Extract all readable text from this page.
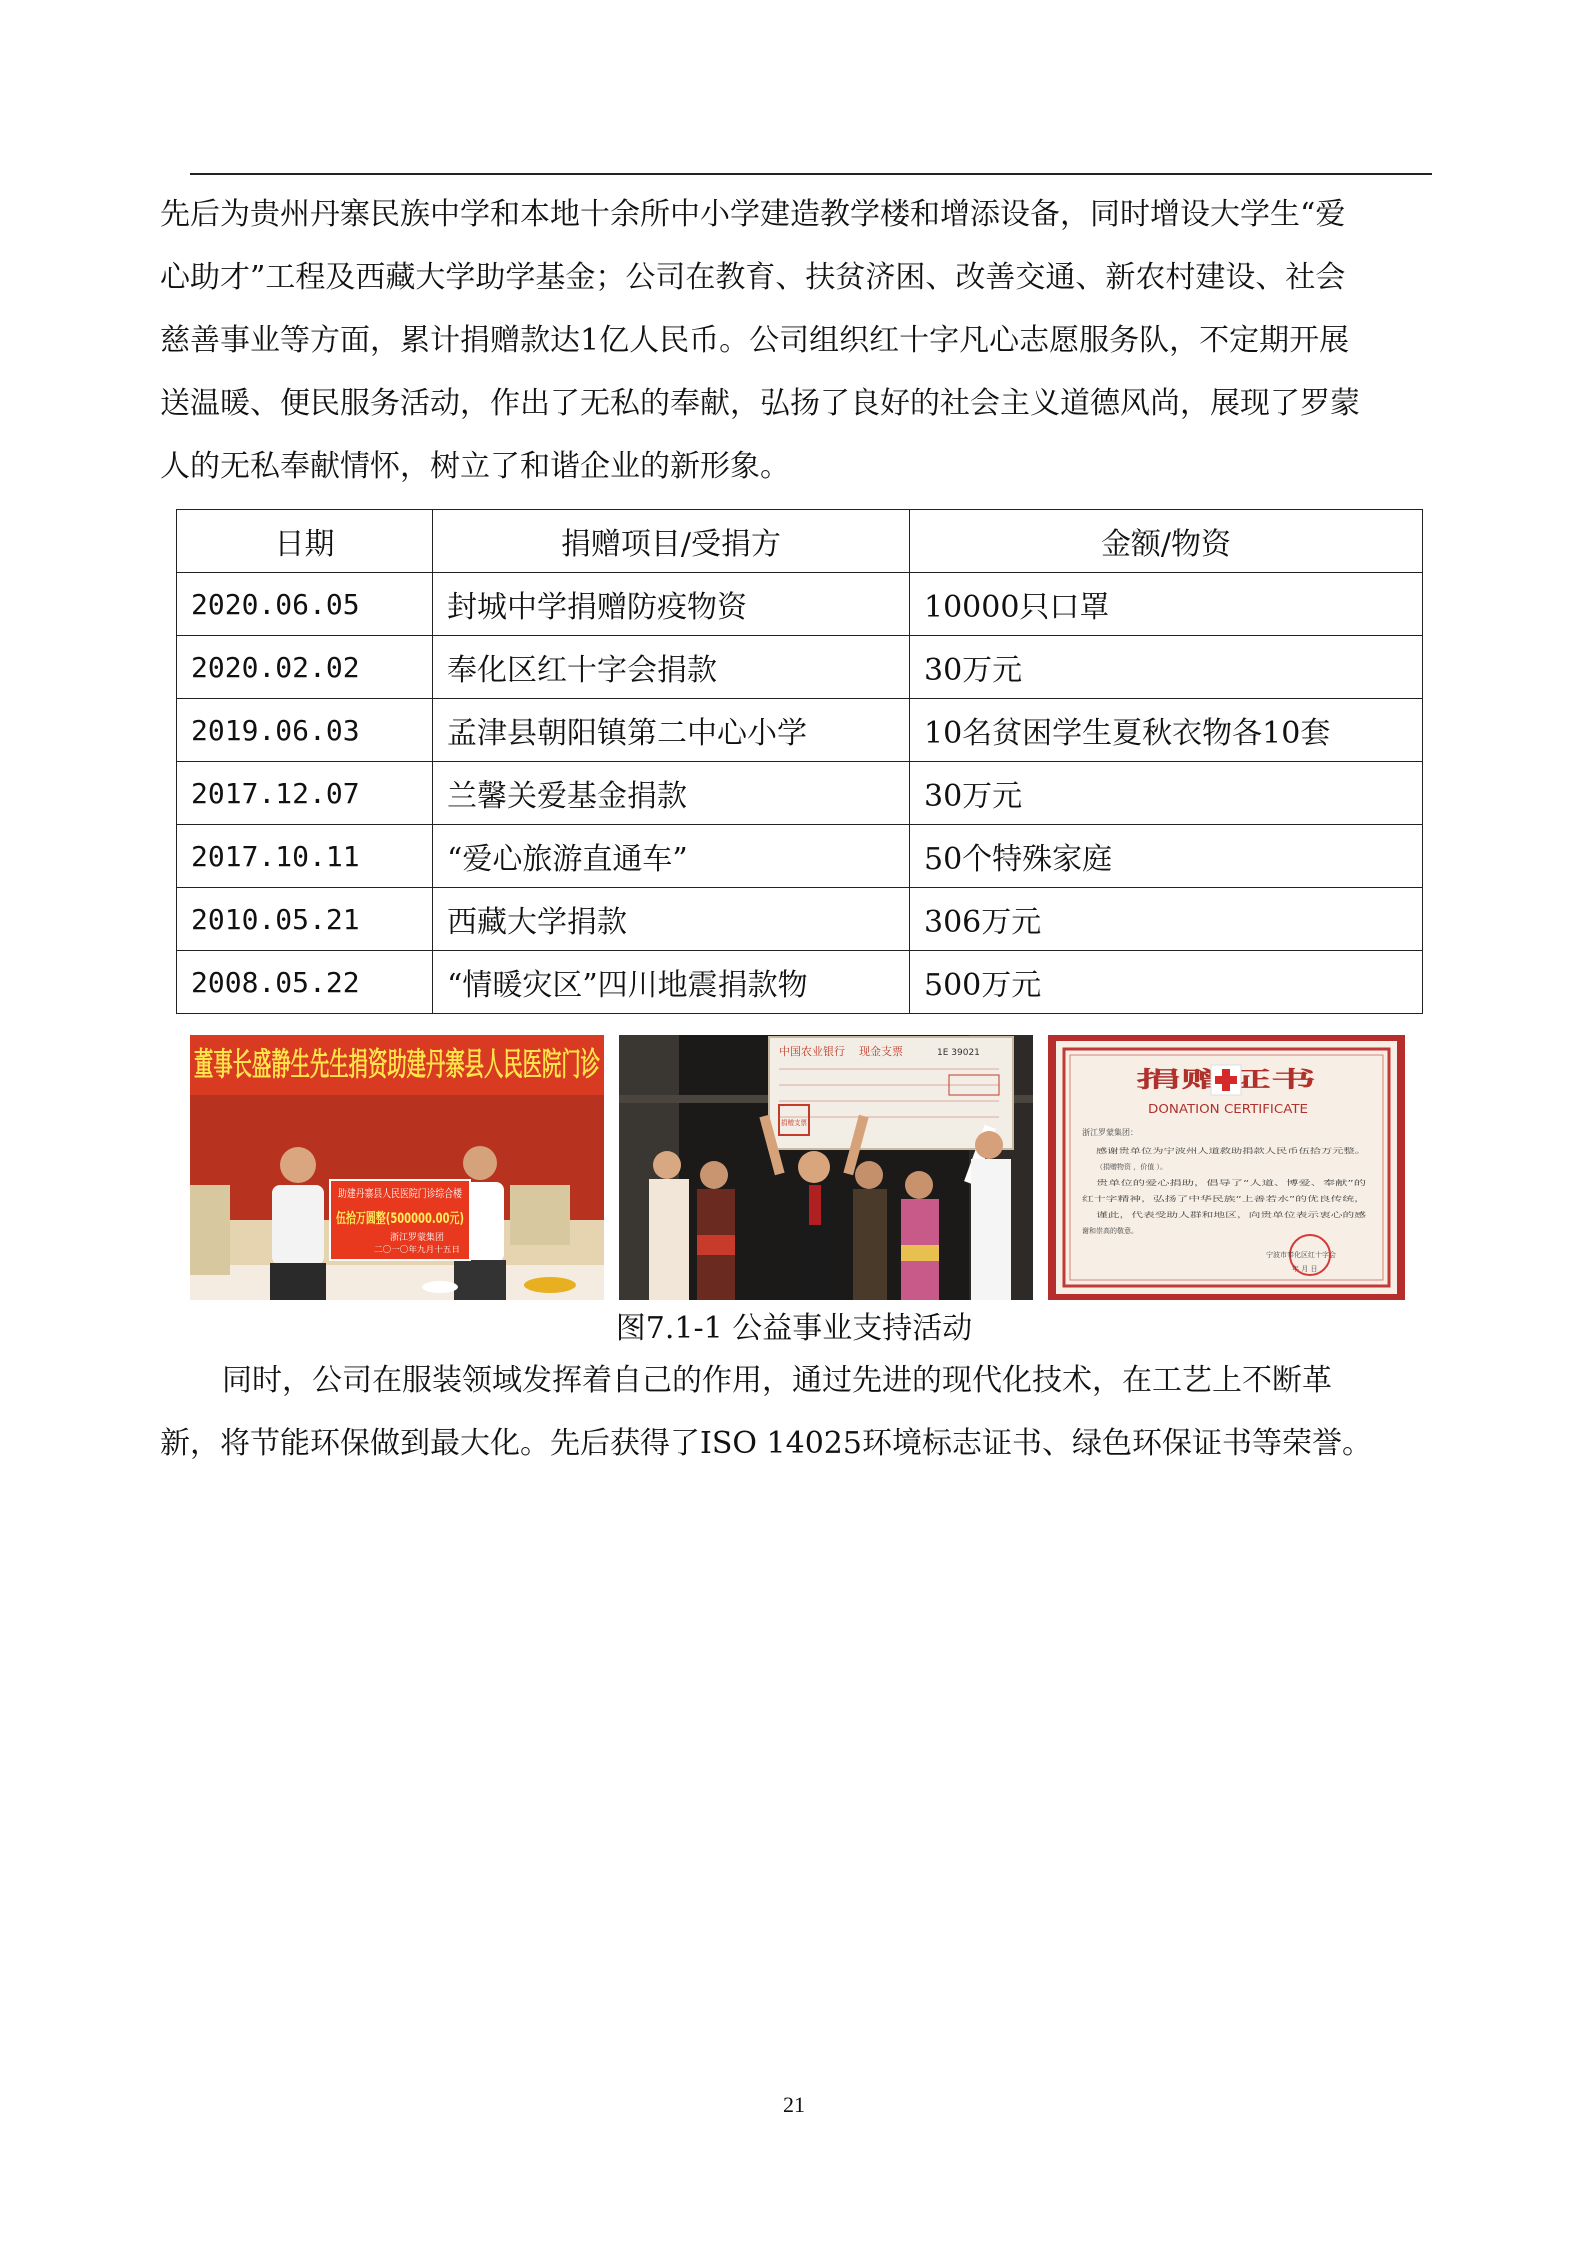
先后为贵州丹寨民族中学和本地十余所中小学建造教学楼和增添设备，同时增设大学生“爱
心助才”工程及西藏大学助学基金；公司在教育、扶贫济困、改善交通、新农村建设、社会
慈善事业等方面，累计捐赠款达1亿人民币。公司组织红十字凡心志愿服务队，不定期开展
送温暖、便民服务活动，作出了无私的奉献，弘扬了良好的社会主义道德风尚，展现了罗蒙
人的无私奉献情怀，树立了和谐企业的新形象。
日期	捐赠项目/受捐方	金额/物资
2020.06.05	封城中学捐赠防疫物资	10000只口罩
2020.02.02	奉化区红十字会捐款	30万元
2019.06.03	孟津县朝阳镇第二中心小学	10名贫困学生夏秋衣物各10套
2017.12.07	兰馨关爱基金捐款	30万元
2017.10.11	“爱心旅游直通车”	50个特殊家庭
2010.05.21	西藏大学捐款	306万元
2008.05.22	“情暖灾区”四川地震捐款物	500万元
董事长盛静生先生捐资助建丹寨县人民医院门诊
助建丹寨县人民医院门诊综合楼
伍拾万圆整(500000.00元)
浙江罗蒙集团
二〇一〇年九月十五日
中国农业银行 现金支票	1E 39021
捐赠支票
捐赠证书
DONATION CERTIFICATE
浙江罗蒙集团：
感谢贵单位为宁波州人道救助捐款人民币伍拾万元整。
（捐赠物资 ，价值 ）。
贵单位的爱心捐助，倡导了“人道、博爱、奉献”的
红十字精神，弘扬了中华民族“上善若水”的优良传统，
谨此，代表受助人群和地区，向贵单位表示衷心的感
谢和崇高的敬意。
宁波市奉化区红十字会
年 月 日
图7.1-1 公益事业支持活动
同时，公司在服装领域发挥着自己的作用，通过先进的现代化技术，在工艺上不断革
新，将节能环保做到最大化。先后获得了ISO 14025环境标志证书、绿色环保证书等荣誉。
21
